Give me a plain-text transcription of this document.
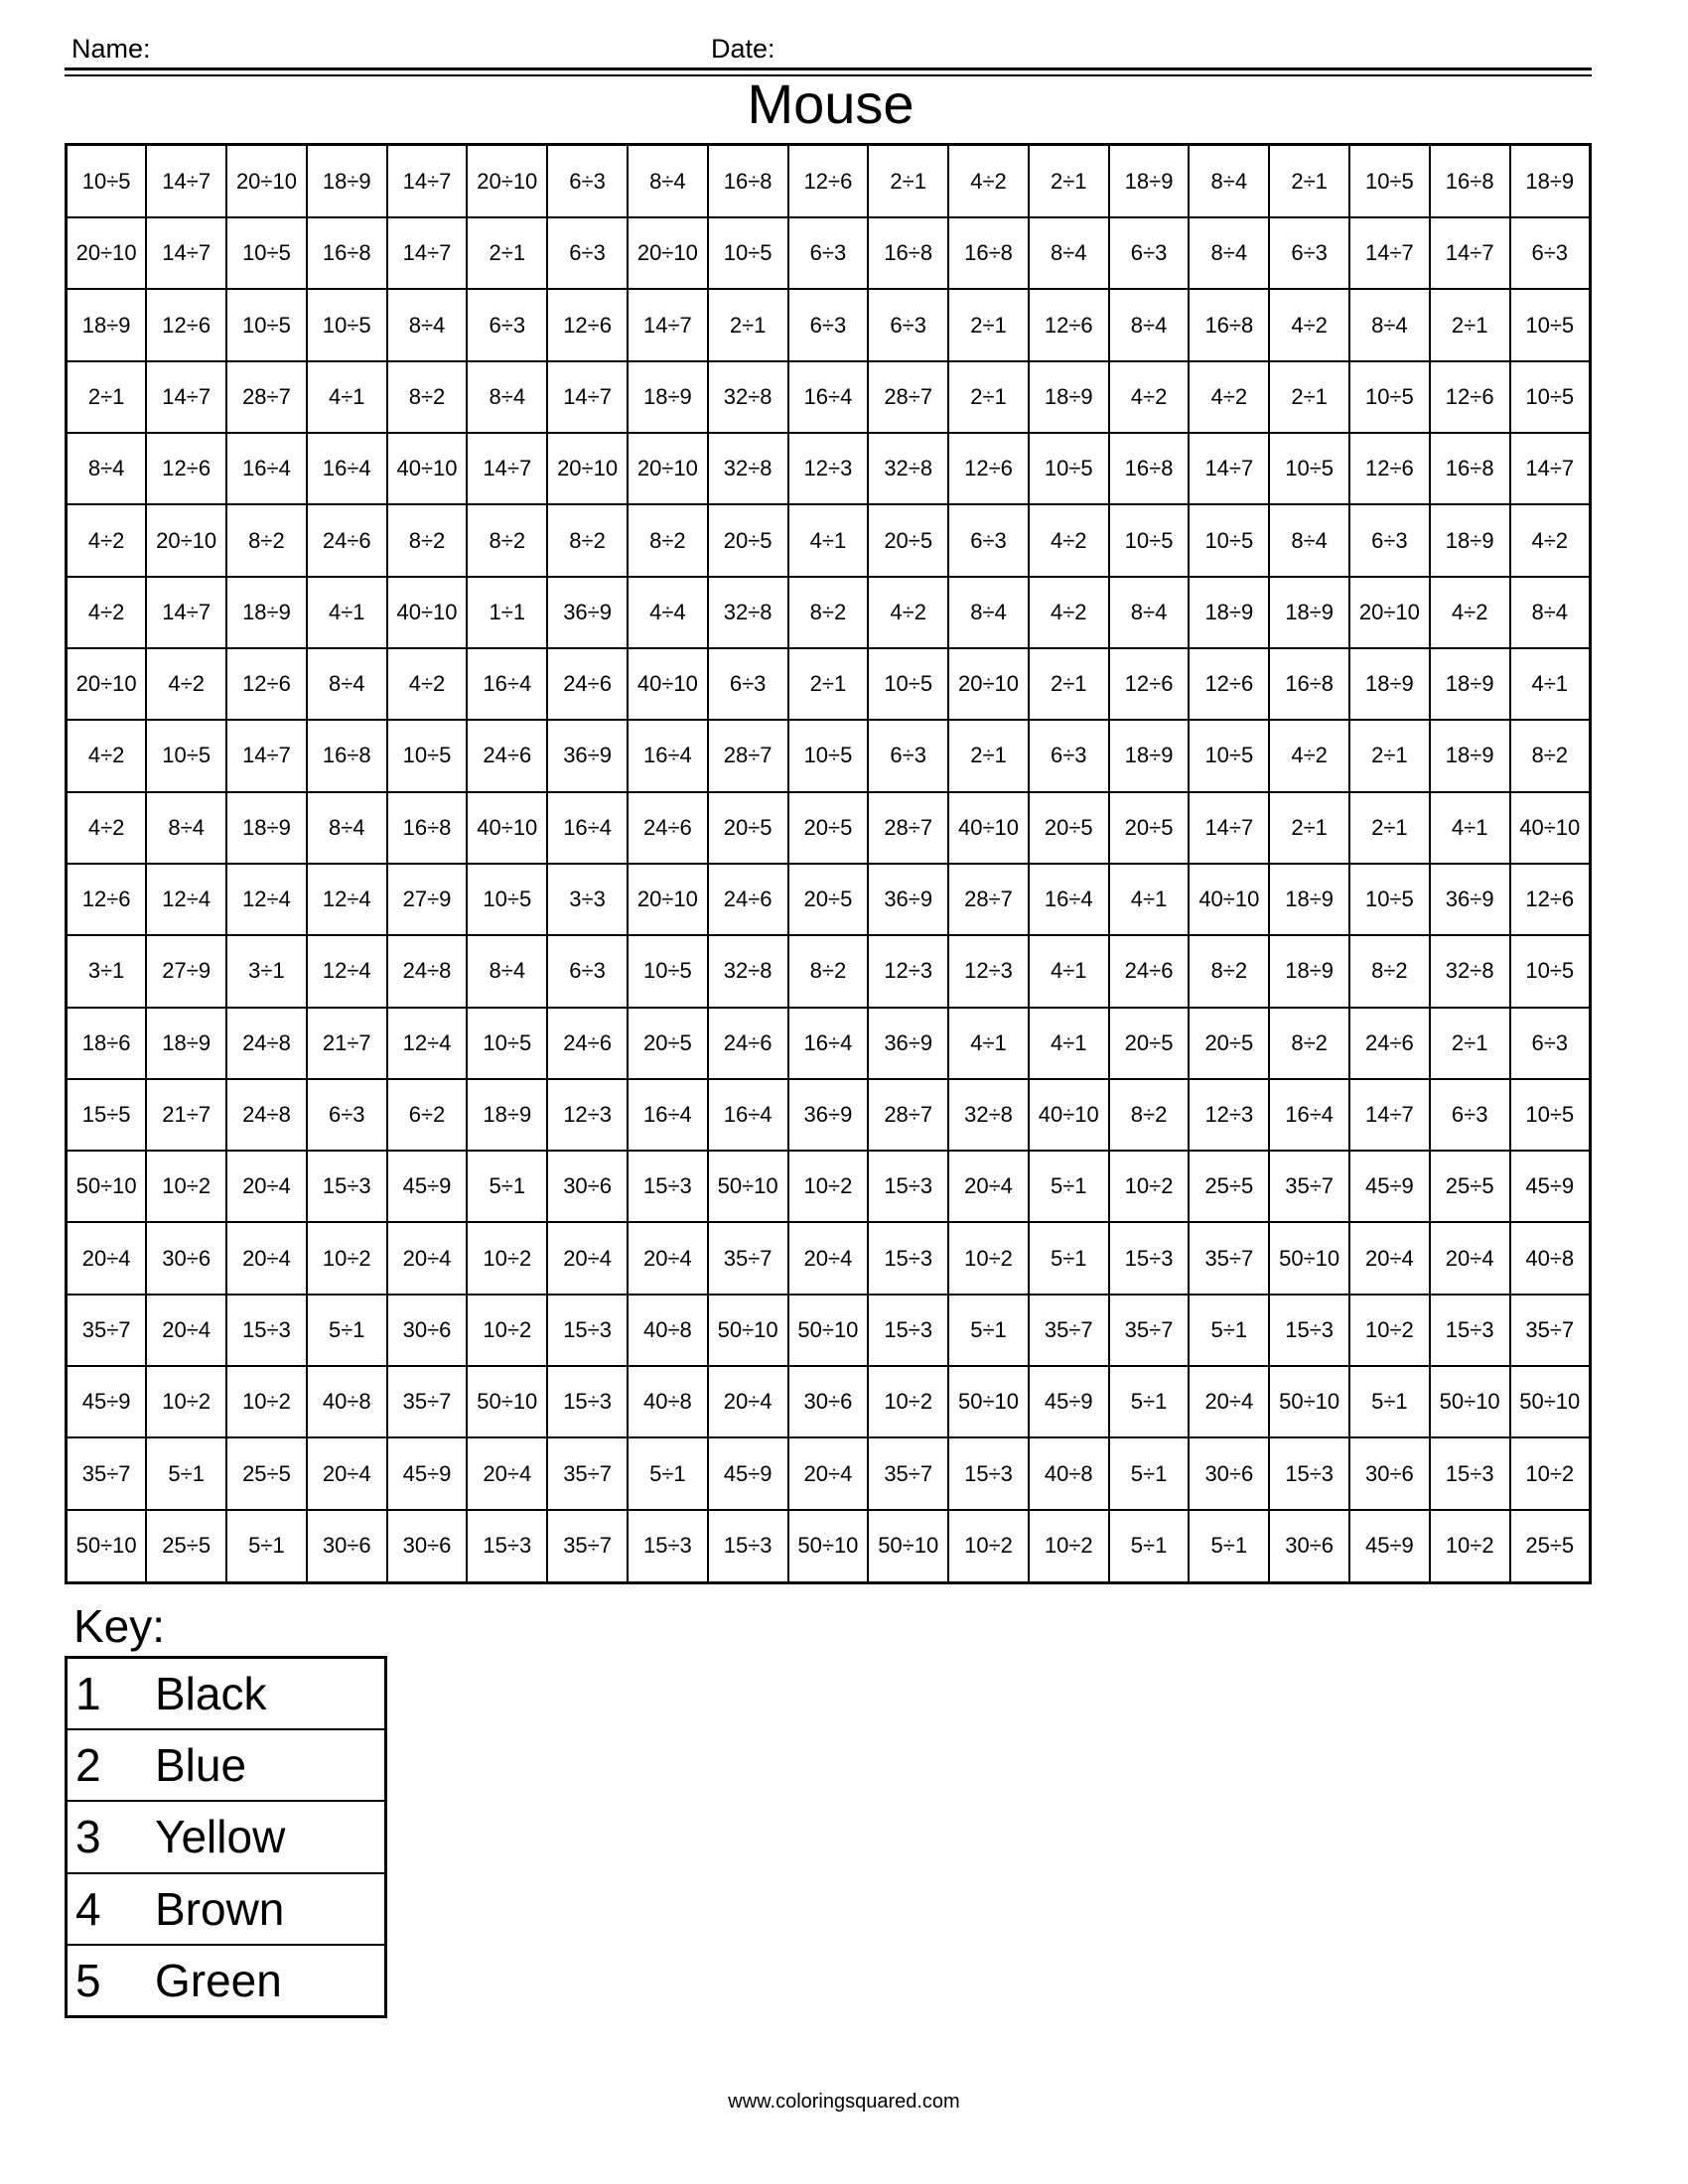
Name:	Date:
Mouse
10÷5	14÷7	20÷10	18÷9	14÷7	20÷10	6÷3	8÷4	16÷8	12÷6	2÷1	4÷2	2÷1	18÷9	8÷4	2÷1	10÷5	16÷8	18÷9
20÷10	14÷7	10÷5	16÷8	14÷7	2÷1	6÷3	20÷10	10÷5	6÷3	16÷8	16÷8	8÷4	6÷3	8÷4	6÷3	14÷7	14÷7	6÷3
18÷9	12÷6	10÷5	10÷5	8÷4	6÷3	12÷6	14÷7	2÷1	6÷3	6÷3	2÷1	12÷6	8÷4	16÷8	4÷2	8÷4	2÷1	10÷5
2÷1	14÷7	28÷7	4÷1	8÷2	8÷4	14÷7	18÷9	32÷8	16÷4	28÷7	2÷1	18÷9	4÷2	4÷2	2÷1	10÷5	12÷6	10÷5
8÷4	12÷6	16÷4	16÷4	40÷10	14÷7	20÷10	20÷10	32÷8	12÷3	32÷8	12÷6	10÷5	16÷8	14÷7	10÷5	12÷6	16÷8	14÷7
4÷2	20÷10	8÷2	24÷6	8÷2	8÷2	8÷2	8÷2	20÷5	4÷1	20÷5	6÷3	4÷2	10÷5	10÷5	8÷4	6÷3	18÷9	4÷2
4÷2	14÷7	18÷9	4÷1	40÷10	1÷1	36÷9	4÷4	32÷8	8÷2	4÷2	8÷4	4÷2	8÷4	18÷9	18÷9	20÷10	4÷2	8÷4
20÷10	4÷2	12÷6	8÷4	4÷2	16÷4	24÷6	40÷10	6÷3	2÷1	10÷5	20÷10	2÷1	12÷6	12÷6	16÷8	18÷9	18÷9	4÷1
4÷2	10÷5	14÷7	16÷8	10÷5	24÷6	36÷9	16÷4	28÷7	10÷5	6÷3	2÷1	6÷3	18÷9	10÷5	4÷2	2÷1	18÷9	8÷2
4÷2	8÷4	18÷9	8÷4	16÷8	40÷10	16÷4	24÷6	20÷5	20÷5	28÷7	40÷10	20÷5	20÷5	14÷7	2÷1	2÷1	4÷1	40÷10
12÷6	12÷4	12÷4	12÷4	27÷9	10÷5	3÷3	20÷10	24÷6	20÷5	36÷9	28÷7	16÷4	4÷1	40÷10	18÷9	10÷5	36÷9	12÷6
3÷1	27÷9	3÷1	12÷4	24÷8	8÷4	6÷3	10÷5	32÷8	8÷2	12÷3	12÷3	4÷1	24÷6	8÷2	18÷9	8÷2	32÷8	10÷5
18÷6	18÷9	24÷8	21÷7	12÷4	10÷5	24÷6	20÷5	24÷6	16÷4	36÷9	4÷1	4÷1	20÷5	20÷5	8÷2	24÷6	2÷1	6÷3
15÷5	21÷7	24÷8	6÷3	6÷2	18÷9	12÷3	16÷4	16÷4	36÷9	28÷7	32÷8	40÷10	8÷2	12÷3	16÷4	14÷7	6÷3	10÷5
50÷10	10÷2	20÷4	15÷3	45÷9	5÷1	30÷6	15÷3	50÷10	10÷2	15÷3	20÷4	5÷1	10÷2	25÷5	35÷7	45÷9	25÷5	45÷9
20÷4	30÷6	20÷4	10÷2	20÷4	10÷2	20÷4	20÷4	35÷7	20÷4	15÷3	10÷2	5÷1	15÷3	35÷7	50÷10	20÷4	20÷4	40÷8
35÷7	20÷4	15÷3	5÷1	30÷6	10÷2	15÷3	40÷8	50÷10	50÷10	15÷3	5÷1	35÷7	35÷7	5÷1	15÷3	10÷2	15÷3	35÷7
45÷9	10÷2	10÷2	40÷8	35÷7	50÷10	15÷3	40÷8	20÷4	30÷6	10÷2	50÷10	45÷9	5÷1	20÷4	50÷10	5÷1	50÷10	50÷10
35÷7	5÷1	25÷5	20÷4	45÷9	20÷4	35÷7	5÷1	45÷9	20÷4	35÷7	15÷3	40÷8	5÷1	30÷6	15÷3	30÷6	15÷3	10÷2
50÷10	25÷5	5÷1	30÷6	30÷6	15÷3	35÷7	15÷3	15÷3	50÷10	50÷10	10÷2	10÷2	5÷1	5÷1	30÷6	45÷9	10÷2	25÷5
Key:
1 Black
2 Blue
3 Yellow
4 Brown
5 Green
www.coloringsquared.com
